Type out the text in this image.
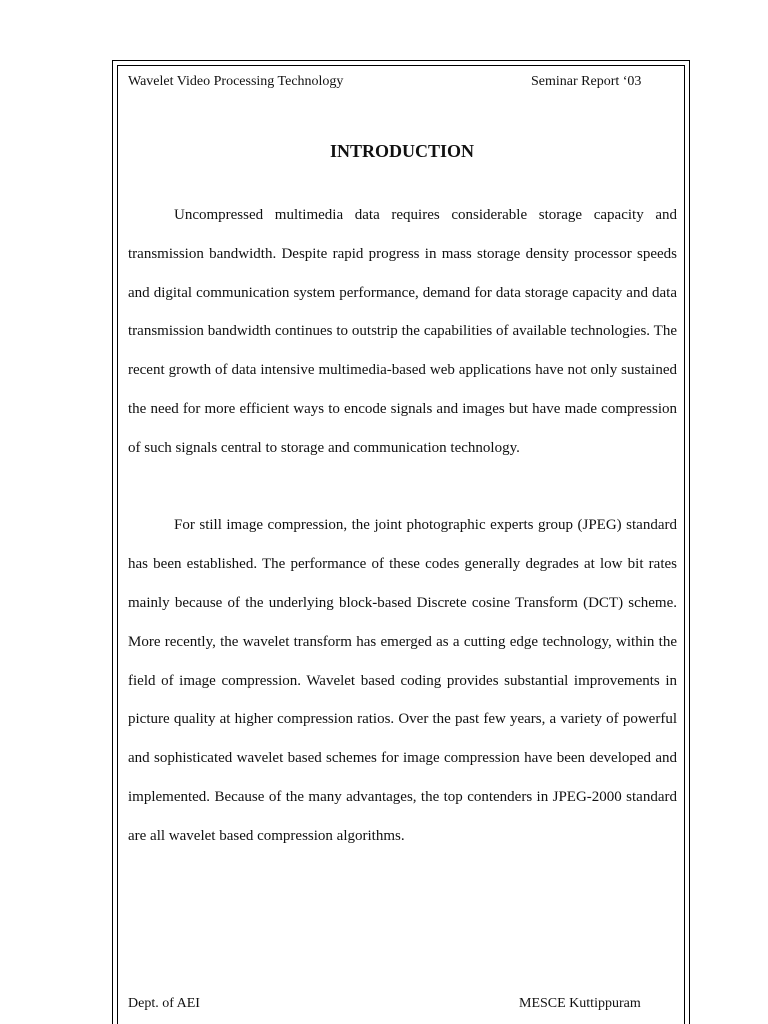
Wavelet Video Processing Technology	Seminar Report ‘03
INTRODUCTION

Uncompressed multimedia data requires considerable storage capacity and transmission bandwidth. Despite rapid progress in mass storage density processor speeds and digital communication system performance, demand for data storage capacity and data transmission bandwidth continues to outstrip the capabilities of available technologies. The recent growth of data intensive multimedia-based web applications have not only sustained the need for more efficient ways to encode signals and images but have made compression of such signals central to storage and communication technology.

For still image compression, the joint photographic experts group (JPEG) standard has been established. The performance of these codes generally degrades at low bit rates mainly because of the underlying block-based Discrete cosine Transform (DCT) scheme. More recently, the wavelet transform has emerged as a cutting edge technology, within the field of image compression. Wavelet based coding provides substantial improvements in picture quality at higher compression ratios. Over the past few years, a variety of powerful and sophisticated wavelet based schemes for image compression have been developed and implemented. Because of the many advantages, the top contenders in JPEG-2000 standard are all wavelet based compression algorithms.

Dept. of AEI	MESCE Kuttippuram
